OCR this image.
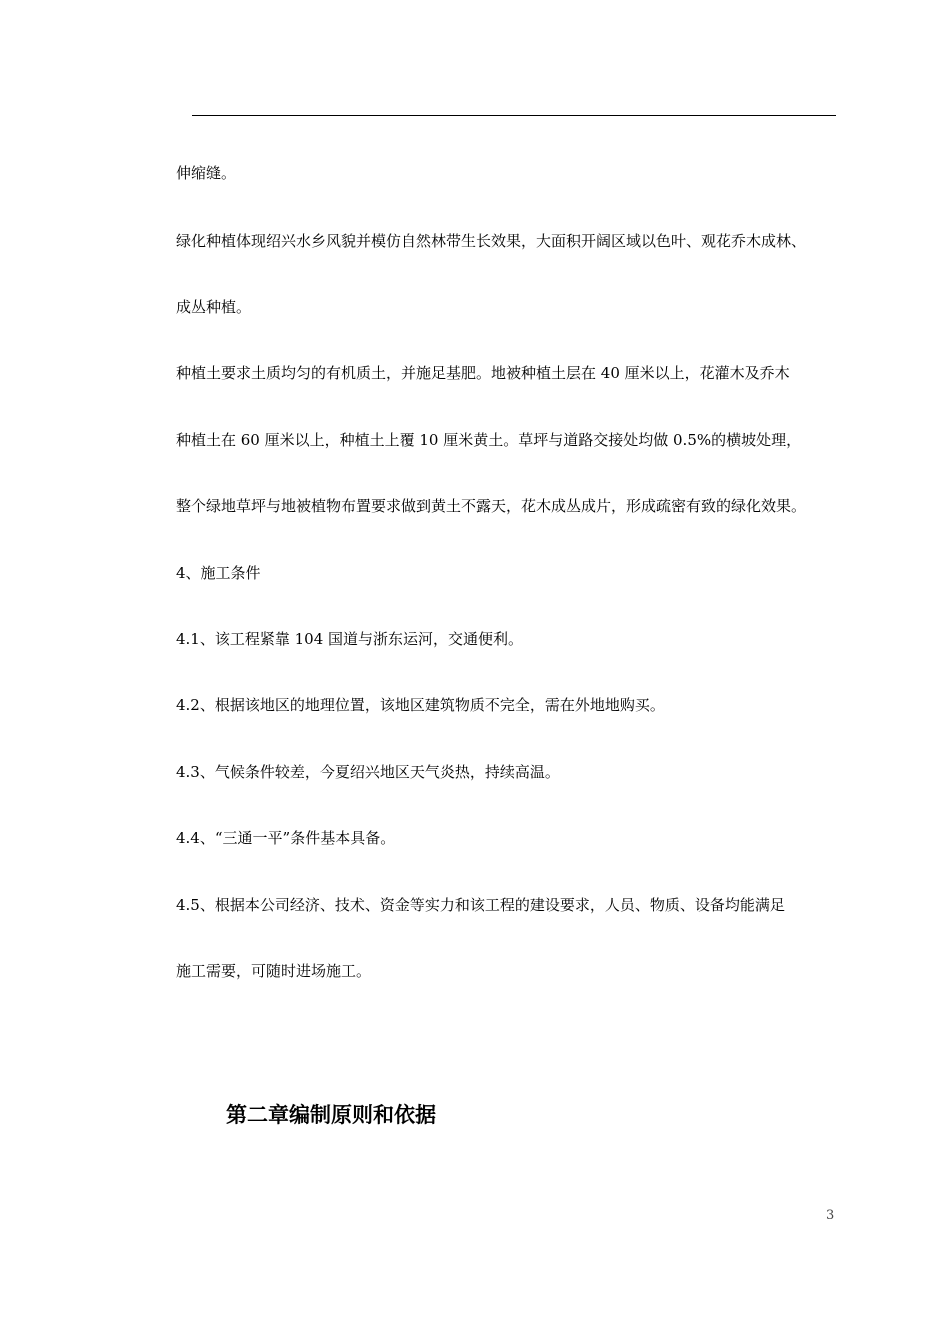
伸缩缝。
绿化种植体现绍兴水乡风貌并模仿自然林带生长效果，大面积开阔区域以色叶、观花乔木成林、
成丛种植。
种植土要求土质均匀的有机质土，并施足基肥。地被种植土层在 40 厘米以上，花灌木及乔木
种植土在 60 厘米以上，种植土上覆 10 厘米黄土。草坪与道路交接处均做 0.5%的横坡处理，
整个绿地草坪与地被植物布置要求做到黄土不露天，花木成丛成片，形成疏密有致的绿化效果。
4、施工条件
4.1、该工程紧靠 104 国道与浙东运河，交通便利。
4.2、根据该地区的地理位置，该地区建筑物质不完全，需在外地地购买。
4.3、气候条件较差，今夏绍兴地区天气炎热，持续高温。
4.4、“三通一平”条件基本具备。
4.5、根据本公司经济、技术、资金等实力和该工程的建设要求，人员、物质、设备均能满足
施工需要，可随时进场施工。
第二章编制原则和依据
3
